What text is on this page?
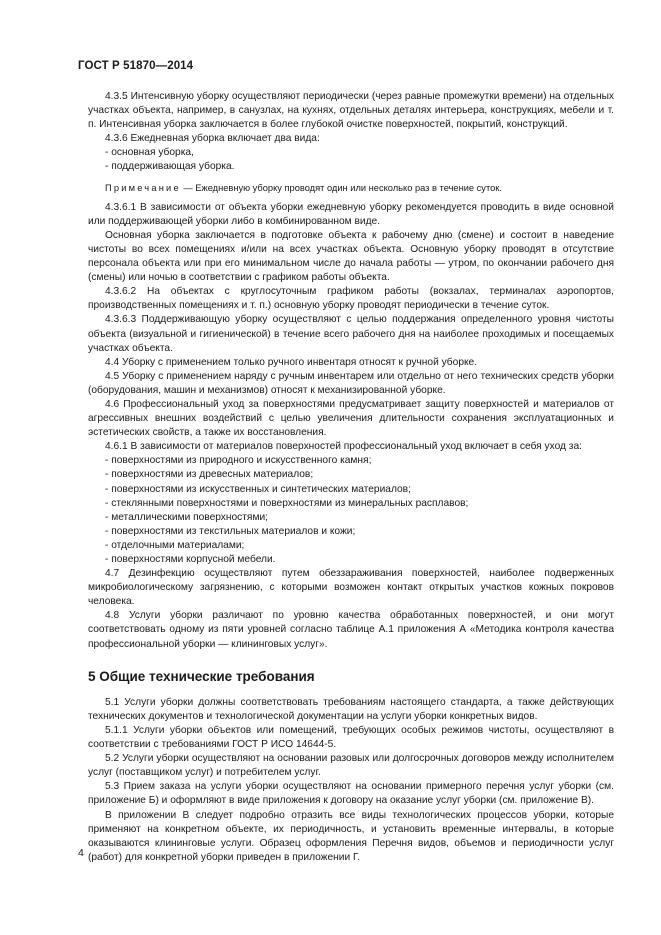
ГОСТ Р 51870—2014

4.3.5 Интенсивную уборку осуществляют периодически (через равные промежутки времени) на отдельных участках объекта, например, в санузлах, на кухнях, отдельных деталях интерьера, конструкциях, мебели и т. п. Интенсивная уборка заключается в более глубокой очистке поверхностей, покрытий, конструкций.

4.3.6 Ежедневная уборка включает два вида:

- основная уборка,

- поддерживающая уборка.

Примечание — Ежедневную уборку проводят один или несколько раз в течение суток.

4.3.6.1 В зависимости от объекта уборки ежедневную уборку рекомендуется проводить в виде основной или поддерживающей уборки либо в комбинированном виде.

Основная уборка заключается в подготовке объекта к рабочему дню (смене) и состоит в наведение чистоты во всех помещениях и/или на всех участках объекта. Основную уборку проводят в отсутствие персонала объекта или при его минимальном числе до начала работы — утром, по окончании рабочего дня (смены) или ночью в соответствии с графиком работы объекта.

4.3.6.2 На объектах с круглосуточным графиком работы (вокзалах, терминалах аэропортов, производственных помещениях и т. п.) основную уборку проводят периодически в течение суток.

4.3.6.3 Поддерживающую уборку осуществляют с целью поддержания определенного уровня чистоты объекта (визуальной и гигиенической) в течение всего рабочего дня на наиболее проходимых и посещаемых участках объекта.

4.4 Уборку с применением только ручного инвентаря относят к ручной уборке.

4.5 Уборку с применением наряду с ручным инвентарем или отдельно от него технических средств уборки (оборудования, машин и механизмов) относят к механизированной уборке.

4.6 Профессиональный уход за поверхностями предусматривает защиту поверхностей и материалов от агрессивных внешних воздействий с целью увеличения длительности сохранения эксплуатационных и эстетических свойств, а также их восстановления.

4.6.1 В зависимости от материалов поверхностей профессиональный уход включает в себя уход за:

- поверхностями из природного и искусственного камня;

- поверхностями из древесных материалов;

- поверхностями из искусственных и синтетических материалов;

- стеклянными поверхностями и поверхностями из минеральных расплавов;

- металлическими поверхностями;

- поверхностями из текстильных материалов и кожи;

- отделочными материалами;

- поверхностями корпусной мебели.

4.7 Дезинфекцию осуществляют путем обеззараживания поверхностей, наиболее подверженных микробиологическому загрязнению, с которыми возможен контакт открытых участков кожных покровов человека.

4.8 Услуги уборки различают по уровню качества обработанных поверхностей, и они могут соответствовать одному из пяти уровней согласно таблице А.1 приложения А «Методика контроля качества профессиональной уборки — клининговых услуг».

5 Общие технические требования

5.1 Услуги уборки должны соответствовать требованиям настоящего стандарта, а также действующих технических документов и технологической документации на услуги уборки конкретных видов.

5.1.1 Услуги уборки объектов или помещений, требующих особых режимов чистоты, осуществляют в соответствии с требованиями ГОСТ Р ИСО 14644-5.

5.2 Услуги уборки осуществляют на основании разовых или долгосрочных договоров между исполнителем услуг (поставщиком услуг) и потребителем услуг.

5.3 Прием заказа на услуги уборки осуществляют на основании примерного перечня услуг уборки (см. приложение Б) и оформляют в виде приложения к договору на оказание услуг уборки (см. приложение В).

В приложении В следует подробно отразить все виды технологических процессов уборки, которые применяют на конкретном объекте, их периодичность, и установить временные интервалы, в которые оказываются клининговые услуги. Образец оформления Перечня видов, объемов и периодичности услуг (работ) для конкретной уборки приведен в приложении Г.

4
